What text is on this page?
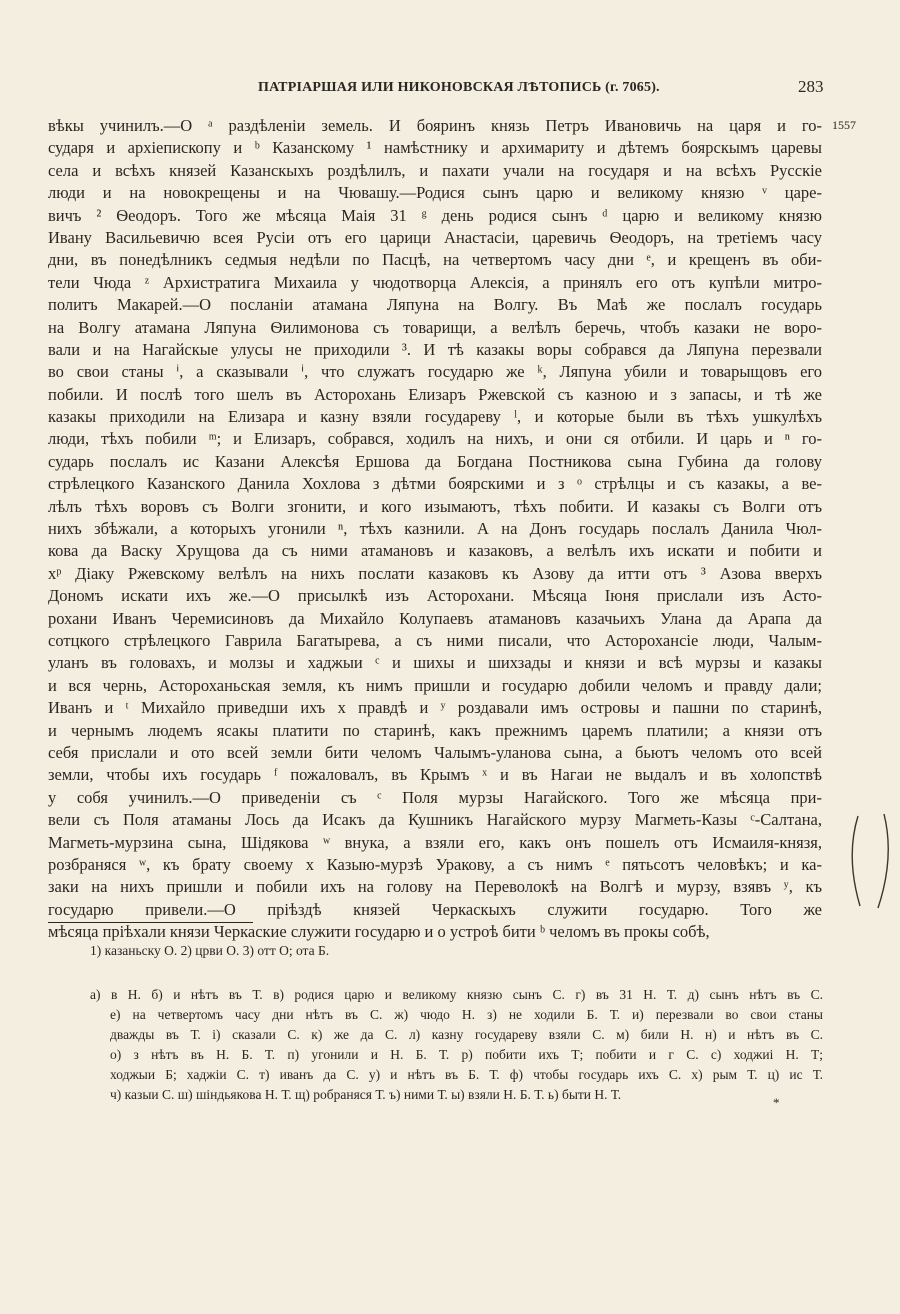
ПАТРІАРШАЯ ИЛИ НИКОНОВСКАЯ ЛѢТОПИСЬ (г. 7065).	283
1557
вѣкы учинилъ.—О ᵃ раздѣленіи земель. И бояринъ князь Петръ Ивановичь на царя и го-
сударя и архіепископу и ᵇ Казанскому ¹ намѣстнику и архимариту и дѣтемъ боярскымъ царевы
села и всѣхъ князей Казанскыхъ роздѣлилъ, и пахати учали на государя и на всѣхъ Русскіе
люди и на новокрещены и на Чювашу.—Родися сынъ царю и великому князю ᵛ царе-
вичъ ² Ѳеодоръ. Того же мѣсяца Маія 31 ᵍ день родися сынъ ᵈ царю и великому князю
Ивану Васильевичю всея Русіи отъ его царици Анастасіи, царевичь Ѳеодоръ, на третіемъ часу
дни, въ понедѣлникъ седмыя недѣли по Пасцѣ, на четвертомъ часу дни ᵉ, и крещенъ въ оби-
тели Чюда ᶻ Архистратига Михаила у чюдотворца Алексія, а принялъ его отъ купѣли митро-
политъ Макарей.—О посланіи атамана Ляпуна на Волгу. Въ Маѣ же послалъ государь
на Волгу атамана Ляпуна Ѳилимонова съ товарищи, а велѣлъ беречь, чтобъ казаки не воро-
вали и на Нагайскые улусы не приходили ³. И тѣ казакы воры собрався да Ляпуна перезвали
во свои станы ⁱ, а сказывали ⁱ, что служатъ государю же ᵏ, Ляпуна убили и товарыщовъ его
побили. И послѣ того шелъ въ Асторохань Елизаръ Ржевской съ казною и з запасы, и тѣ же
казакы приходили на Елизара и казну взяли государеву ˡ, и которые были въ тѣхъ ушкулѣхъ
люди, тѣхъ побили ᵐ; и Елизаръ, собрався, ходилъ на нихъ, и они ся отбили. И царь и ⁿ го-
сударь послалъ ис Казани Алексѣя Ершова да Богдана Постникова сына Губина да голову
стрѣлецкого Казанского Данила Хохлова з дѣтми боярскими и з ᵒ стрѣлцы и съ казакы, а ве-
лѣлъ тѣхъ воровъ съ Волги згонити, и кого изымаютъ, тѣхъ побити. И казакы съ Волги отъ
нихъ збѣжали, а которыхъ угонили ⁿ, тѣхъ казнили. А на Донъ государь послалъ Данила Чюл-
кова да Васку Хрущова да съ ними атамановъ и казаковъ, а велѣлъ ихъ искати и побити и
хᵖ Діаку Ржевскому велѣлъ на нихъ послати казаковъ къ Азову да итти отъ ³ Азова вверхъ
Дономъ искати ихъ же.—О присылкѣ изъ Асторохани. Мѣсяца Іюня прислали изъ Асто-
рохани Иванъ Черемисиновъ да Михайло Колупаевъ атамановъ казачьихъ Улана да Арапа да
сотцкого стрѣлецкого Гаврила Багатырева, а съ ними писали, что Асторохансіе люди, Чалым-
уланъ въ головахъ, и молзы и хаджыи ᶜ и шихы и шихзады и князи и всѣ мурзы и казакы
и вся чернь, Астороханьская земля, къ нимъ пришли и государю добили челомъ и правду дали;
Иванъ и ᵗ Михайло приведши ихъ х правдѣ и ʸ роздавали имъ островы и пашни по старинѣ,
и чернымъ людемъ ясакы платити по старинѣ, какъ прежнимъ царемъ платили; а князи отъ
себя прислали и ото всей земли бити челомъ Чалымъ-уланова сына, а бьютъ челомъ ото всей
земли, чтобы ихъ государь ᶠ пожаловалъ, въ Крымъ ˣ и въ Нагаи не выдалъ и въ холопствѣ
у собя учинилъ.—О приведеніи съ ᶜ Поля мурзы Нагайского. Того же мѣсяца при-
вели съ Поля атаманы Лось да Исакъ да Кушникъ Нагайского мурзу Магметь-Казы ᶜ-Салтана,
Магметь-мурзина сына, Шідякова ʷ внука, а взяли его, какъ онъ пошелъ отъ Исмаиля-князя,
розбраняся ʷ, къ брату своему х Казыю-мурзѣ Уракову, а съ нимъ ᵉ пятьсотъ человѣкъ; и ка-
заки на нихъ пришли и побили ихъ на голову на Переволокѣ на Волгѣ и мурзу, взявъ ʸ, къ
государю привели.—О пріѣздѣ князей Черкаскыхъ служити государю. Того же
мѣсяца пріѣхали князи Черкаские служити государю и о устроѣ бити ᵇ челомъ въ прокы собѣ,
1) казаньску О. 2) црви О. 3) отт О; ота Б.
а) в Н. б) и нѣтъ въ Т. в) родися царю и великому князю сынъ С. г) въ 31 Н. Т. д) сынъ нѣтъ въ С.
е) на четвертомъ часу дни нѣтъ въ С. ж) чюдо Н. з) не ходили Б. Т. и) перезвали во свои станы
дважды въ Т. і) сказали С. к) же да С. л) казну государеву взяли С. м) били Н. н) и нѣтъ въ С.
о) з нѣтъ въ Н. Б. Т. п) угонили и Н. Б. Т. р) побити ихъ Т; побити и г С. с) ходжиі Н. Т;
ходжыи Б; хаджіи С. т) иванъ да С. у) и нѣтъ въ Б. Т. ф) чтобы государь ихъ С. х) рым Т. ц) ис Т.
ч) казыи С. ш) шіндьякова Н. Т. щ) робраняся Т. ъ) ними Т. ы) взяли Н. Б. Т. ь) быти Н. Т.
*
